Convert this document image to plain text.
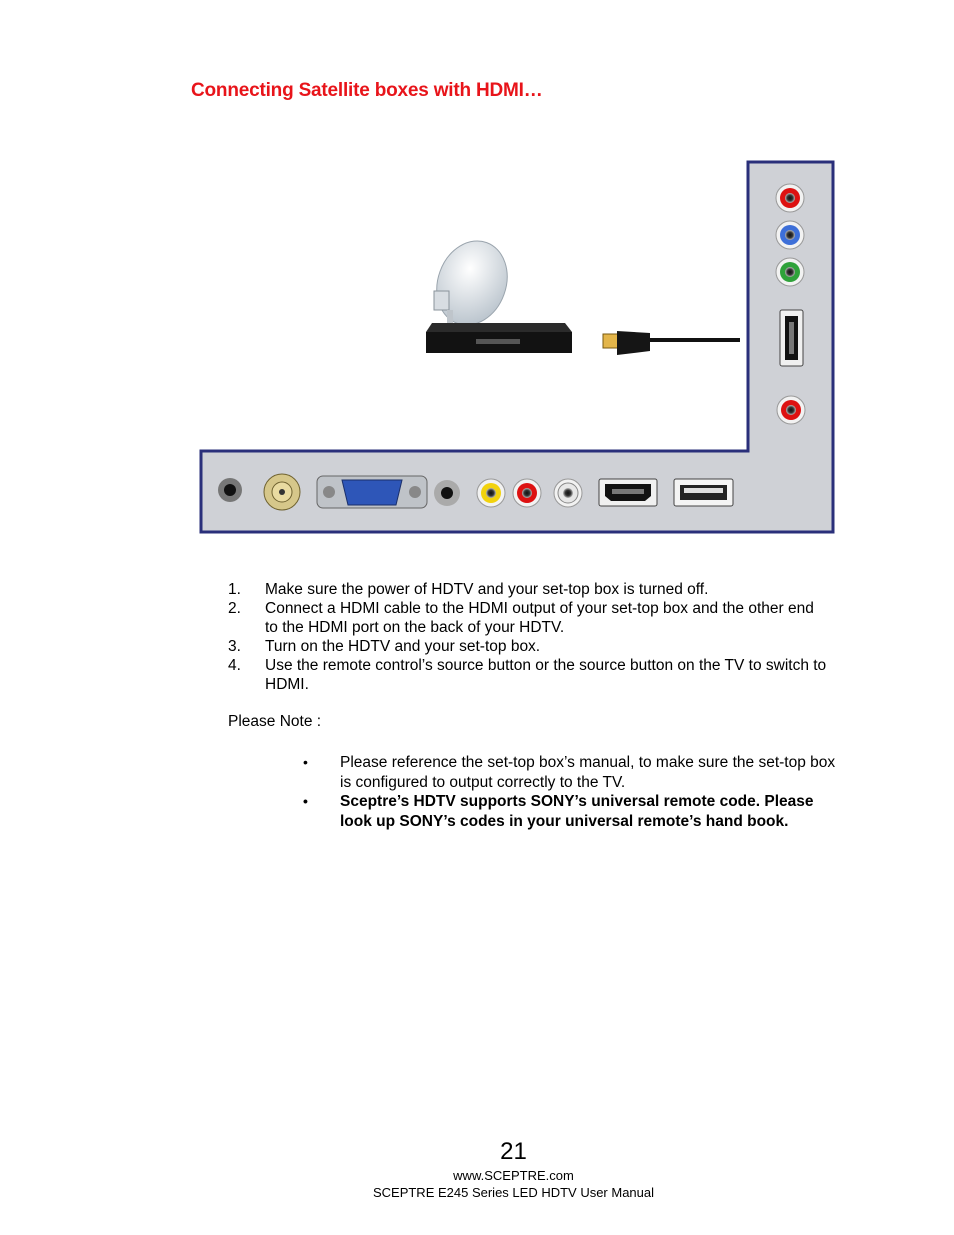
Connecting Satellite boxes with HDMI…
1.	Make sure the power of HDTV and your set-top box is turned off.
2.	Connect a HDMI cable to the HDMI output of your set-top box and the other end to the HDMI port on the back of your HDTV.
3.	Turn on the HDTV and your set-top box.
4.	Use the remote control’s source button or the source button on the TV to switch to HDMI.
Please Note :
•	Please reference the set-top box’s manual, to make sure the set-top box is configured to output correctly to the TV.
•	Sceptre’s HDTV supports SONY’s universal remote code. Please look up SONY’s codes in your universal remote’s hand book.
21
www.SCEPTRE.com
SCEPTRE E245 Series LED HDTV User Manual
